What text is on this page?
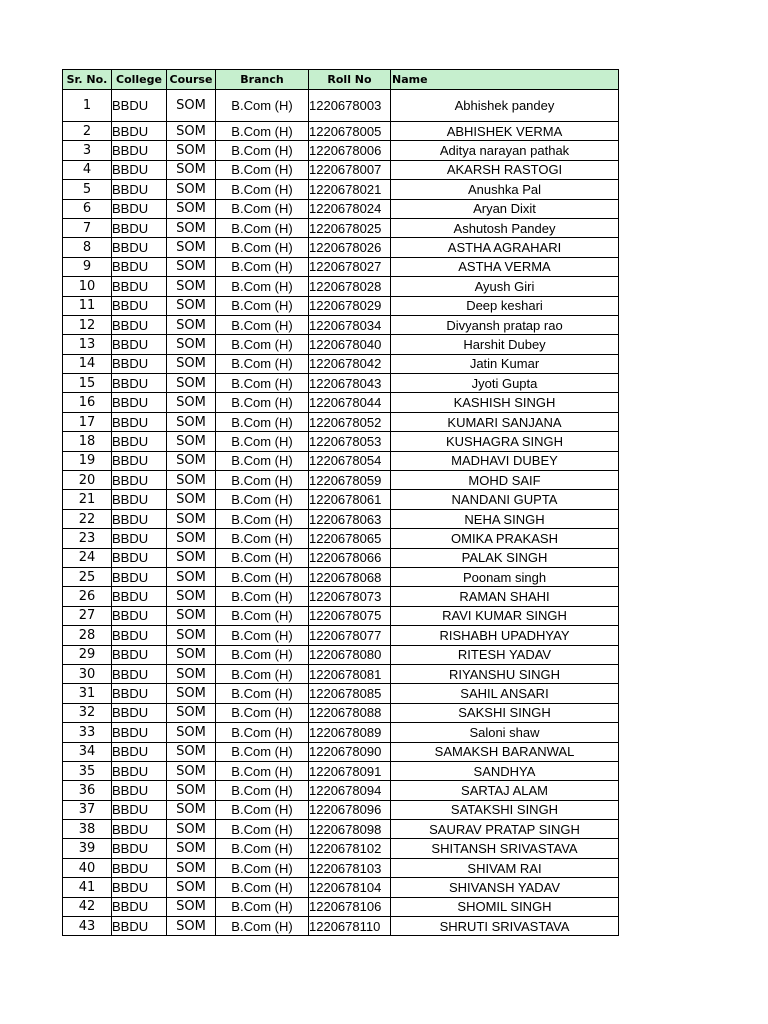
Sr. No.	College	Course	Branch	Roll No	Name
1	BBDU	SOM	B.Com (H)	1220678003	Abhishek pandey
2	BBDU	SOM	B.Com (H)	1220678005	ABHISHEK VERMA
3	BBDU	SOM	B.Com (H)	1220678006	Aditya narayan pathak
4	BBDU	SOM	B.Com (H)	1220678007	AKARSH RASTOGI
5	BBDU	SOM	B.Com (H)	1220678021	Anushka Pal
6	BBDU	SOM	B.Com (H)	1220678024	Aryan Dixit
7	BBDU	SOM	B.Com (H)	1220678025	Ashutosh Pandey
8	BBDU	SOM	B.Com (H)	1220678026	ASTHA AGRAHARI
9	BBDU	SOM	B.Com (H)	1220678027	ASTHA VERMA
10	BBDU	SOM	B.Com (H)	1220678028	Ayush Giri
11	BBDU	SOM	B.Com (H)	1220678029	Deep keshari
12	BBDU	SOM	B.Com (H)	1220678034	Divyansh pratap rao
13	BBDU	SOM	B.Com (H)	1220678040	Harshit Dubey
14	BBDU	SOM	B.Com (H)	1220678042	Jatin Kumar
15	BBDU	SOM	B.Com (H)	1220678043	Jyoti Gupta
16	BBDU	SOM	B.Com (H)	1220678044	KASHISH SINGH
17	BBDU	SOM	B.Com (H)	1220678052	KUMARI SANJANA
18	BBDU	SOM	B.Com (H)	1220678053	KUSHAGRA SINGH
19	BBDU	SOM	B.Com (H)	1220678054	MADHAVI DUBEY
20	BBDU	SOM	B.Com (H)	1220678059	MOHD SAIF
21	BBDU	SOM	B.Com (H)	1220678061	NANDANI GUPTA
22	BBDU	SOM	B.Com (H)	1220678063	NEHA SINGH
23	BBDU	SOM	B.Com (H)	1220678065	OMIKA PRAKASH
24	BBDU	SOM	B.Com (H)	1220678066	PALAK SINGH
25	BBDU	SOM	B.Com (H)	1220678068	Poonam singh
26	BBDU	SOM	B.Com (H)	1220678073	RAMAN SHAHI
27	BBDU	SOM	B.Com (H)	1220678075	RAVI KUMAR SINGH
28	BBDU	SOM	B.Com (H)	1220678077	RISHABH UPADHYAY
29	BBDU	SOM	B.Com (H)	1220678080	RITESH YADAV
30	BBDU	SOM	B.Com (H)	1220678081	RIYANSHU SINGH
31	BBDU	SOM	B.Com (H)	1220678085	SAHIL ANSARI
32	BBDU	SOM	B.Com (H)	1220678088	SAKSHI SINGH
33	BBDU	SOM	B.Com (H)	1220678089	Saloni shaw
34	BBDU	SOM	B.Com (H)	1220678090	SAMAKSH BARANWAL
35	BBDU	SOM	B.Com (H)	1220678091	SANDHYA
36	BBDU	SOM	B.Com (H)	1220678094	SARTAJ ALAM
37	BBDU	SOM	B.Com (H)	1220678096	SATAKSHI SINGH
38	BBDU	SOM	B.Com (H)	1220678098	SAURAV PRATAP SINGH
39	BBDU	SOM	B.Com (H)	1220678102	SHITANSH SRIVASTAVA
40	BBDU	SOM	B.Com (H)	1220678103	SHIVAM RAI
41	BBDU	SOM	B.Com (H)	1220678104	SHIVANSH YADAV
42	BBDU	SOM	B.Com (H)	1220678106	SHOMIL SINGH
43	BBDU	SOM	B.Com (H)	1220678110	SHRUTI SRIVASTAVA
